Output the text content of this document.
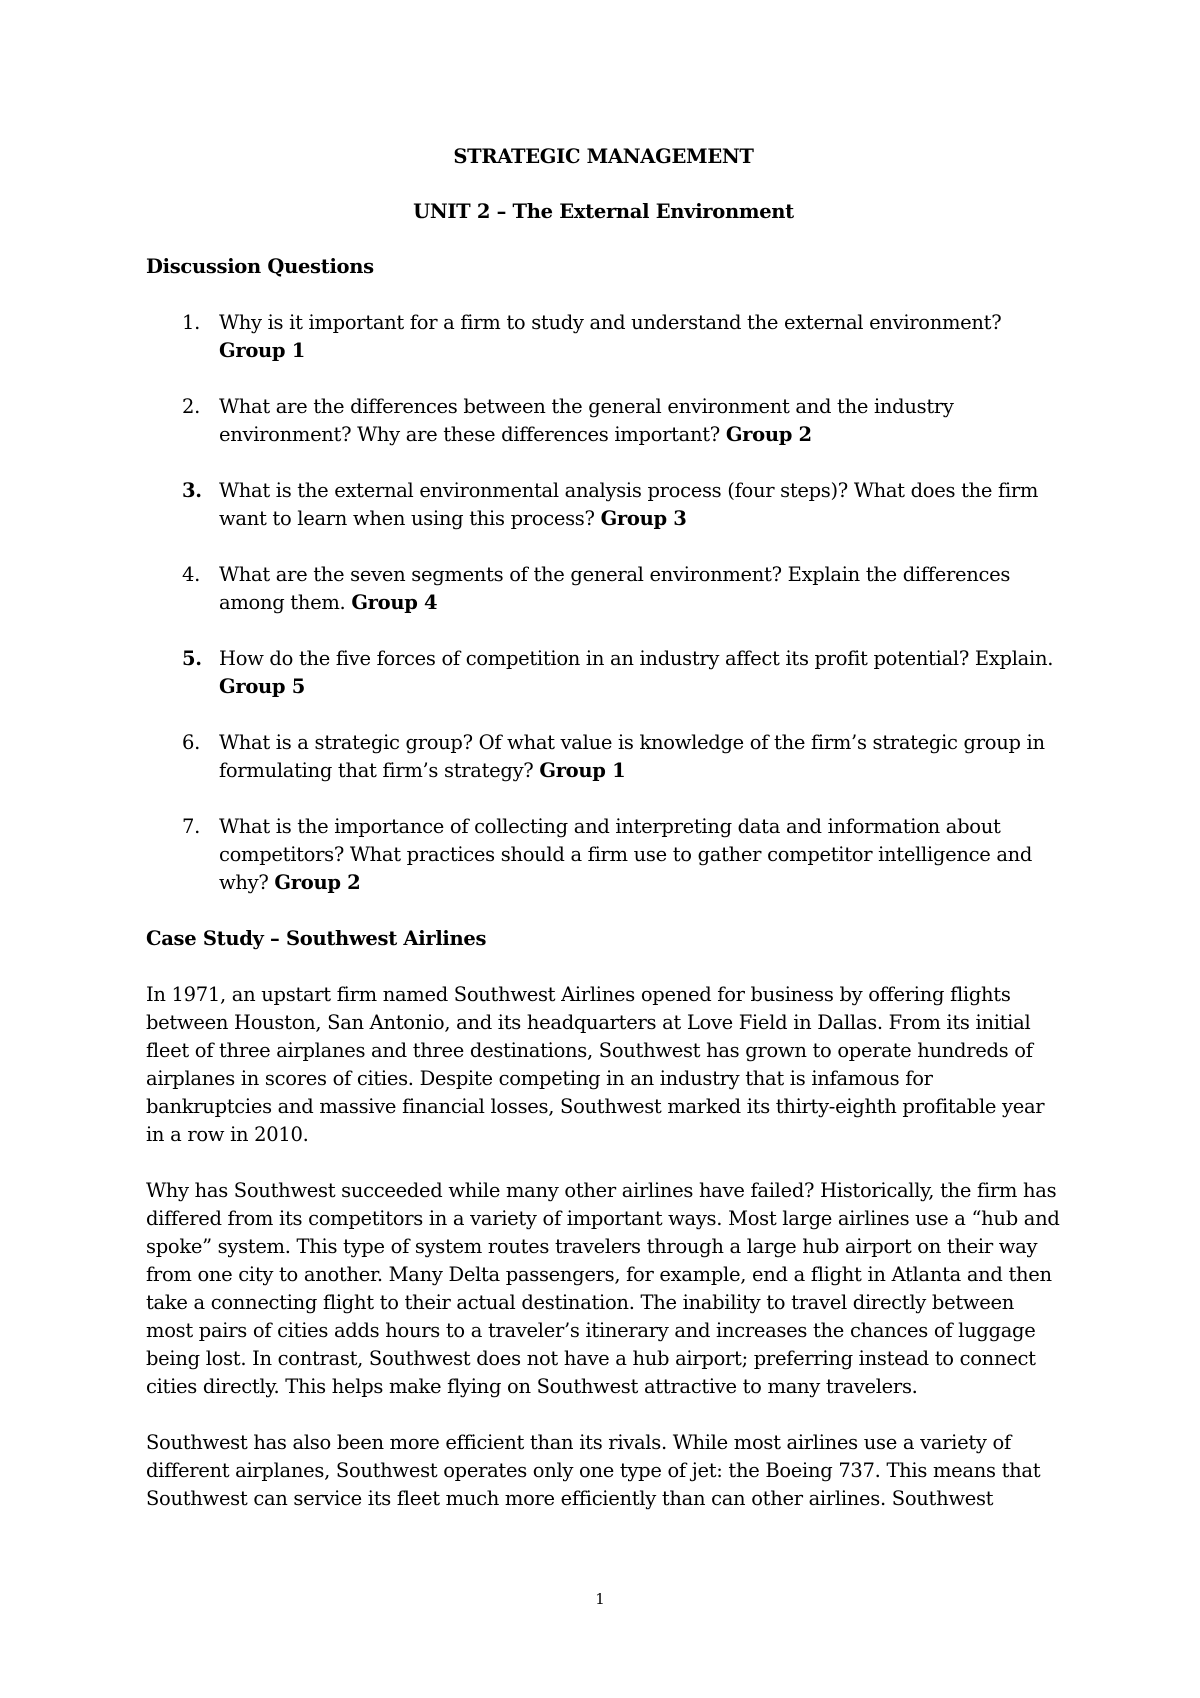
STRATEGIC MANAGEMENT

UNIT 2 – The External Environment

Discussion Questions

1. Why is it important for a firm to study and understand the external environment? Group 1
2. What are the differences between the general environment and the industry environment? Why are these differences important? Group 2
3. What is the external environmental analysis process (four steps)? What does the firm want to learn when using this process? Group 3
4. What are the seven segments of the general environment? Explain the differences among them. Group 4
5. How do the five forces of competition in an industry affect its profit potential? Explain. Group 5
6. What is a strategic group? Of what value is knowledge of the firm’s strategic group in formulating that firm’s strategy? Group 1
7. What is the importance of collecting and interpreting data and information about competitors? What practices should a firm use to gather competitor intelligence and why? Group 2

Case Study – Southwest Airlines

In 1971, an upstart firm named Southwest Airlines opened for business by offering flights between Houston, San Antonio, and its headquarters at Love Field in Dallas. From its initial fleet of three airplanes and three destinations, Southwest has grown to operate hundreds of airplanes in scores of cities. Despite competing in an industry that is infamous for bankruptcies and massive financial losses, Southwest marked its thirty-eighth profitable year in a row in 2010.

Why has Southwest succeeded while many other airlines have failed? Historically, the firm has differed from its competitors in a variety of important ways. Most large airlines use a “hub and spoke” system. This type of system routes travelers through a large hub airport on their way from one city to another. Many Delta passengers, for example, end a flight in Atlanta and then take a connecting flight to their actual destination. The inability to travel directly between most pairs of cities adds hours to a traveler’s itinerary and increases the chances of luggage being lost. In contrast, Southwest does not have a hub airport; preferring instead to connect cities directly. This helps make flying on Southwest attractive to many travelers.

Southwest has also been more efficient than its rivals. While most airlines use a variety of different airplanes, Southwest operates only one type of jet: the Boeing 737. This means that Southwest can service its fleet much more efficiently than can other airlines. Southwest

1
